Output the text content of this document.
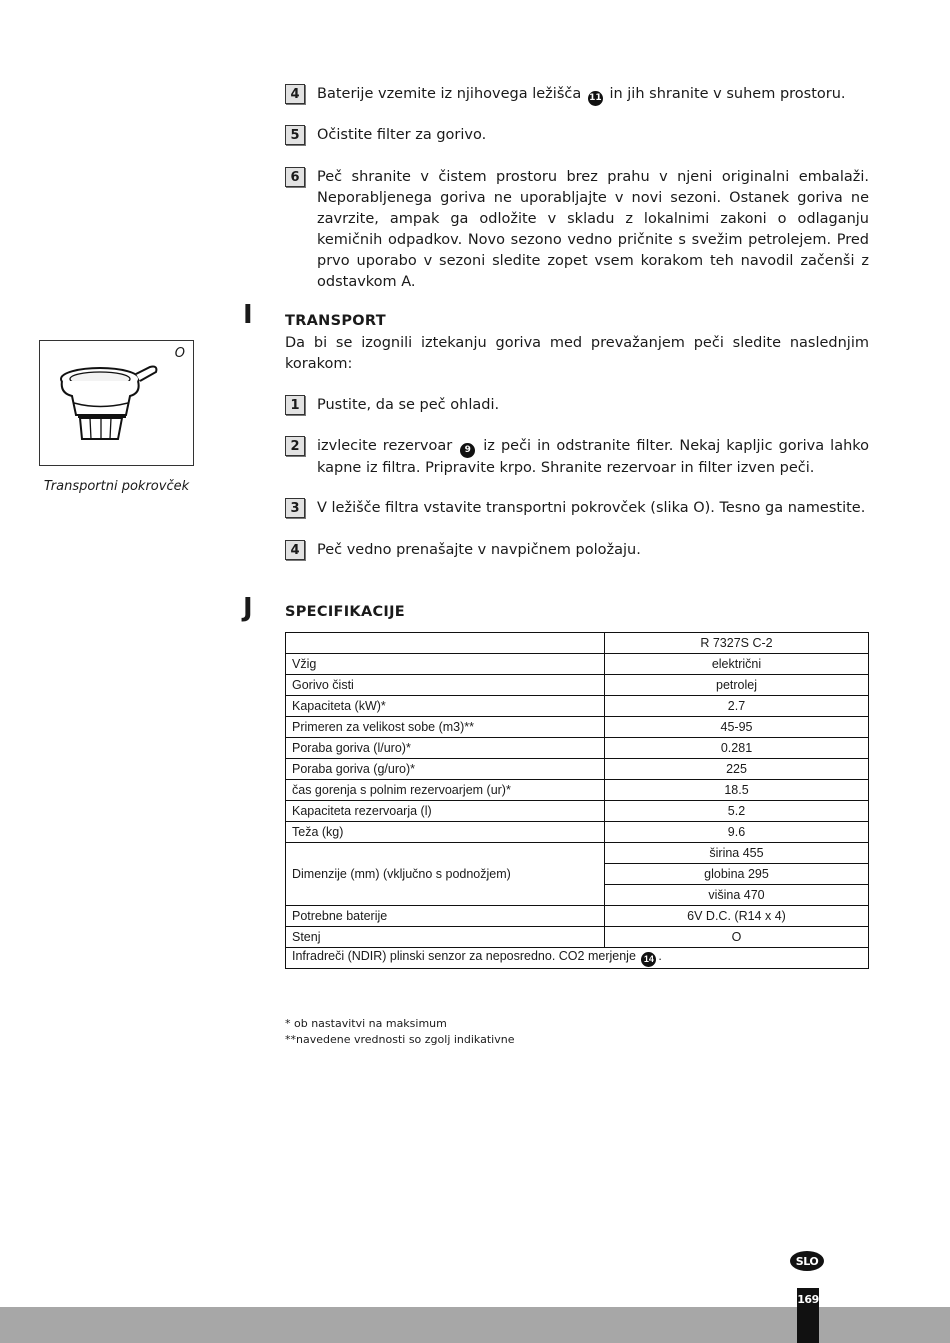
4	Baterije vzemite iz njihovega ležišča 11 in jih shranite v suhem prostoru.
5	Očistite filter za gorivo.
6	Peč shranite v čistem prostoru brez prahu v njeni originalni embalaži. Neporabljenega goriva ne uporabljajte v novi sezoni. Ostanek goriva ne zavrzite, ampak ga odložite v skladu z lokalnimi zakoni o odlaganju kemičnih odpadkov. Novo sezono vedno pričnite s svežim petrolejem. Pred prvo uporabo v sezoni sledite zopet vsem korakom teh navodil začenši z odstavkom A.
I TRANSPORT
Da bi se izognili iztekanju goriva med prevažanjem peči sledite naslednjim korakom:
O
Transportni pokrovček
1	Pustite, da se peč ohladi.
2	izvlecite rezervoar 9 iz peči in odstranite filter. Nekaj kapljic goriva lahko kapne iz filtra. Pripravite krpo. Shranite rezervoar in filter izven peči.
3	V ležišče filtra vstavite transportni pokrovček (slika O). Tesno ga namestite.
4	Peč vedno prenašajte v navpičnem položaju.
J SPECIFIKACIJE
	R 7327S C-2
Vžig	električni
Gorivo čisti	petrolej
Kapaciteta (kW)*	2.7
Primeren za velikost sobe (m3)**	45-95
Poraba goriva (l/uro)*	0.281
Poraba goriva (g/uro)*	225
čas gorenja s polnim rezervoarjem (ur)*	18.5
Kapaciteta rezervoarja (l)	5.2
Teža (kg)	9.6
Dimenzije (mm) (vključno s podnožjem)	širina 455
	globina 295
	višina 470
Potrebne baterije	6V D.C. (R14 x 4)
Stenj	O
Infradreči (NDIR) plinski senzor za neposredno. CO2 merjenje 14 .	
* ob nastavitvi na maksimum
**navedene vrednosti so zgolj indikativne
SLO
169
